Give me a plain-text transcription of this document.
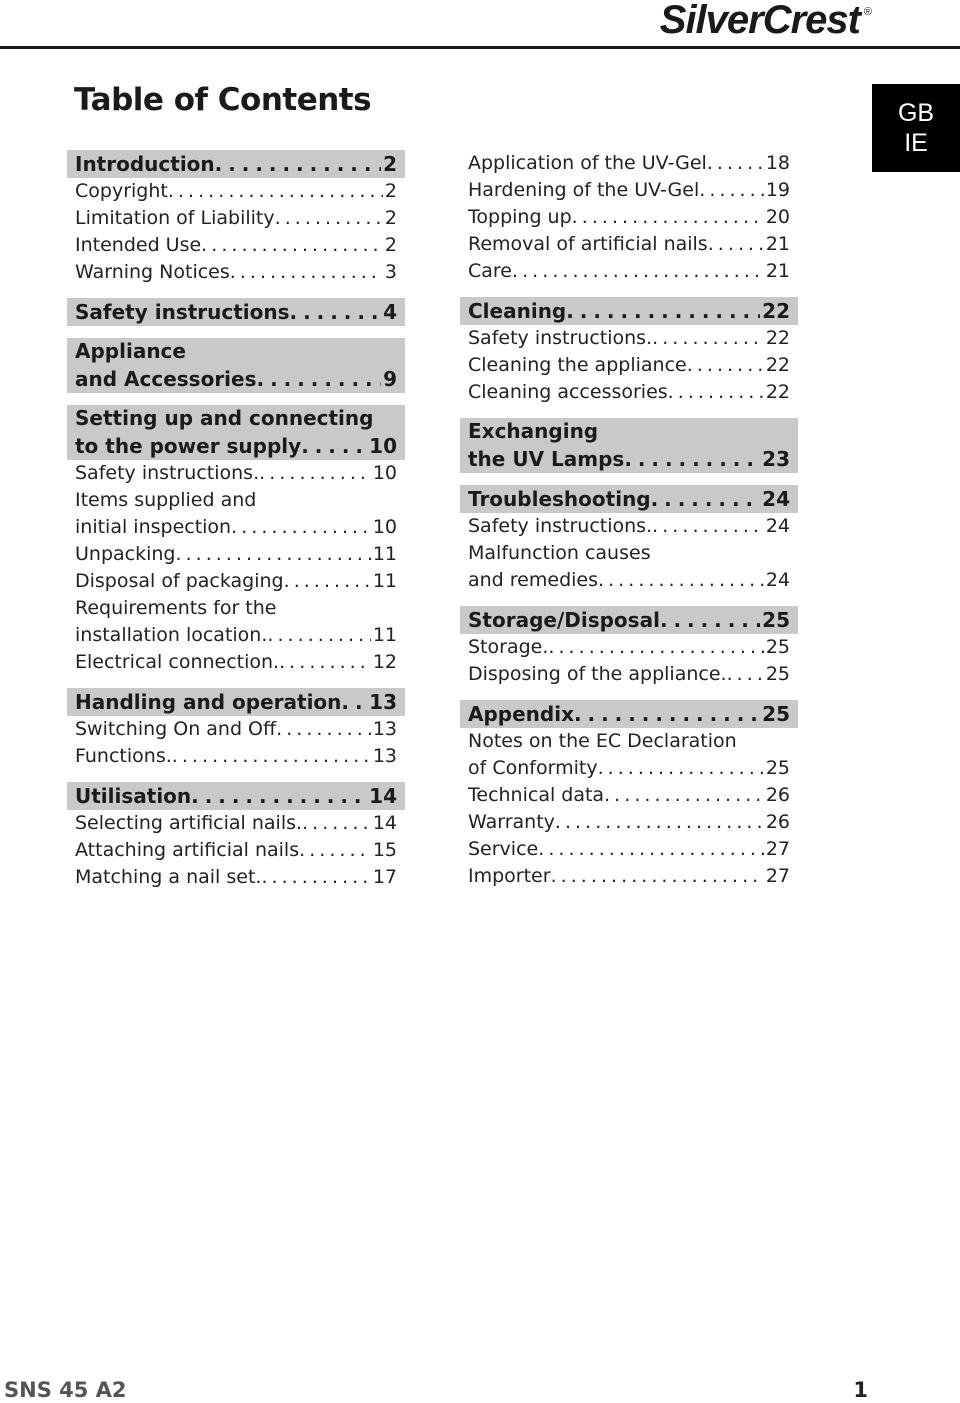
SilverCrest ®
Table of Contents	GB
IE
Introduction . . .	2
Copyright . . .	2
Limitation of Liability . . .	2
Intended Use . . .	2
Warning Notices . . .	3
Safety instructions . . .	4
Appliance
and Accessories . . .	9
Setting up and connecting
to the power supply . . .	10
Safety instructions. . . .	10
Items supplied and
initial inspection . . .	10
Unpacking . . .	11
Disposal of packaging . . .	11
Requirements for the
installation location. . . .	11
Electrical connection. . . .	12
Handling and operation . . . 13
Switching On and Off . . .	13
Functions. . . .	13
Utilisation . . .	14
Selecting artificial nails. . . .	14
Attaching artificial nails . . .	15
Matching a nail set. . . .	17
Application of the UV-Gel . . .	18
Hardening of the UV-Gel . . .	19
Topping up . . .	20
Removal of artificial nails . . .	21
Care . . .	21
Cleaning . . .	22
Safety instructions. . . .	22
Cleaning the appliance . . .	22
Cleaning accessories . . .	22
Exchanging
the UV Lamps . . .	23
Troubleshooting . . .	24
Safety instructions. . . .	24
Malfunction causes
and remedies . . .	24
Storage/Disposal . . .	25
Storage. . . .	25
Disposing of the appliance. . . . 25
Appendix . . .	25
Notes on the EC Declaration
of Conformity . . .	25
Technical data . . .	26
Warranty . . .	26
Service . . .	27
Importer . . .	27
SNS 45 A2	1
